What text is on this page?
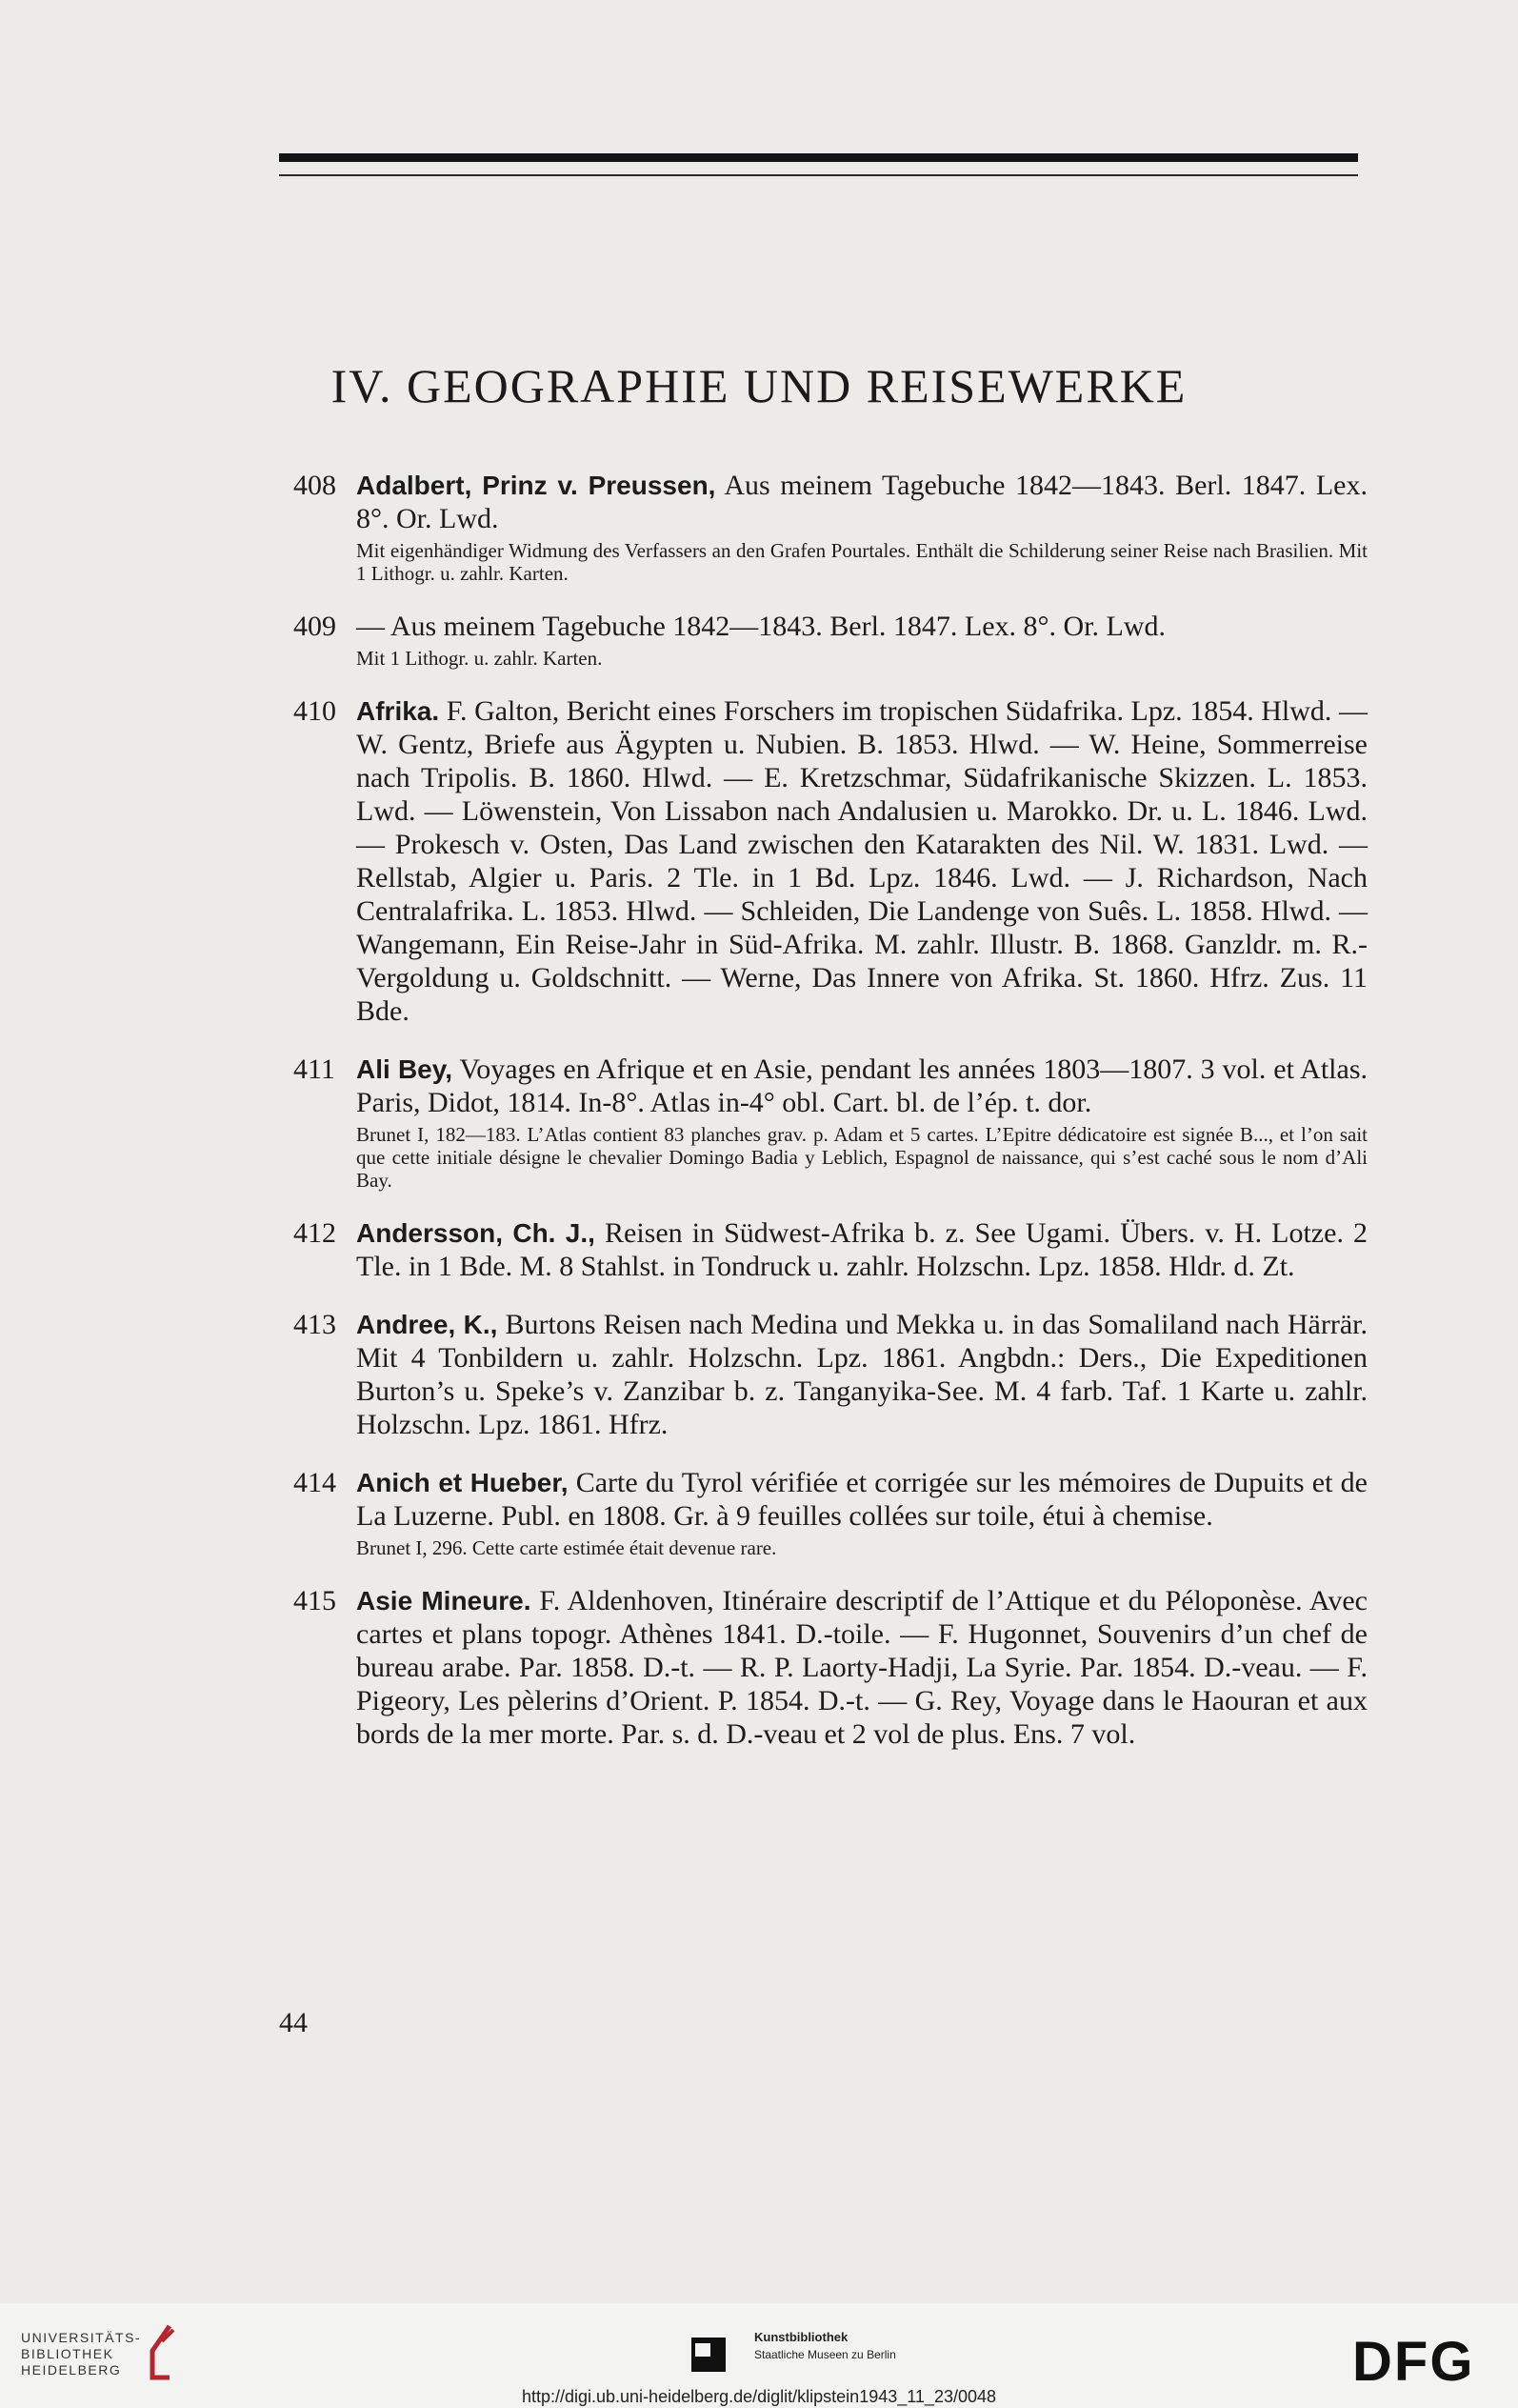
IV. GEOGRAPHIE UND REISEWERKE
408 Adalbert, Prinz v. Preussen, Aus meinem Tagebuche 1842—1843. Berl. 1847. Lex. 8°. Or. Lwd.
Mit eigenhändiger Widmung des Verfassers an den Grafen Pourtales. Enthält die Schilderung seiner Reise nach Brasilien. Mit 1 Lithogr. u. zahlr. Karten.
409 — Aus meinem Tagebuche 1842—1843. Berl. 1847. Lex. 8°. Or. Lwd.
Mit 1 Lithogr. u. zahlr. Karten.
410 Afrika. F. Galton, Bericht eines Forschers im tropischen Südafrika. Lpz. 1854. Hlwd. — W. Gentz, Briefe aus Ägypten u. Nubien. B. 1853. Hlwd. — W. Heine, Sommerreise nach Tripolis. B. 1860. Hlwd. — E. Kretzschmar, Südafrikanische Skizzen. L. 1853. Lwd. — Löwenstein, Von Lissabon nach Andalusien u. Marokko. Dr. u. L. 1846. Lwd. — Prokesch v. Osten, Das Land zwischen den Katarakten des Nil. W. 1831. Lwd. — Rellstab, Algier u. Paris. 2 Tle. in 1 Bd. Lpz. 1846. Lwd. — J. Richardson, Nach Centralafrika. L. 1853. Hlwd. — Schleiden, Die Landenge von Suês. L. 1858. Hlwd. — Wangemann, Ein Reise-Jahr in Süd-Afrika. M. zahlr. Illustr. B. 1868. Ganzldr. m. R.-Vergoldung u. Goldschnitt. — Werne, Das Innere von Afrika. St. 1860. Hfrz. Zus. 11 Bde.
411 Ali Bey, Voyages en Afrique et en Asie, pendant les années 1803—1807. 3 vol. et Atlas. Paris, Didot, 1814. In-8°. Atlas in-4° obl. Cart. bl. de l’ép. t. dor.
Brunet I, 182—183. L’Atlas contient 83 planches grav. p. Adam et 5 cartes. L’Epitre dédicatoire est signée B..., et l’on sait que cette initiale désigne le chevalier Domingo Badia y Leblich, Espagnol de naissance, qui s’est caché sous le nom d’Ali Bay.
412 Andersson, Ch. J., Reisen in Südwest-Afrika b. z. See Ugami. Übers. v. H. Lotze. 2 Tle. in 1 Bde. M. 8 Stahlst. in Tondruck u. zahlr. Holzschn. Lpz. 1858. Hldr. d. Zt.
413 Andree, K., Burtons Reisen nach Medina und Mekka u. in das Somaliland nach Härrär. Mit 4 Tonbildern u. zahlr. Holzschn. Lpz. 1861. Angbdn.: Ders., Die Expeditionen Burton’s u. Speke’s v. Zanzibar b. z. Tanganyika-See. M. 4 farb. Taf. 1 Karte u. zahlr. Holzschn. Lpz. 1861. Hfrz.
414 Anich et Hueber, Carte du Tyrol vérifiée et corrigée sur les mémoires de Dupuits et de La Luzerne. Publ. en 1808. Gr. à 9 feuilles collées sur toile, étui à chemise.
Brunet I, 296. Cette carte estimée était devenue rare.
415 Asie Mineure. F. Aldenhoven, Itinéraire descriptif de l’Attique et du Péloponèse. Avec cartes et plans topogr. Athènes 1841. D.-toile. — F. Hugonnet, Souvenirs d’un chef de bureau arabe. Par. 1858. D.-t. — R. P. Laorty-Hadji, La Syrie. Par. 1854. D.-veau. — F. Pigeory, Les pèlerins d’Orient. P. 1854. D.-t. — G. Rey, Voyage dans le Haouran et aux bords de la mer morte. Par. s. d. D.-veau et 2 vol de plus. Ens. 7 vol.
44
UNIVERSITÄTS-
BIBLIOTHEK
HEIDELBERG
Kunstbibliothek
Staatliche Museen zu Berlin	DFG
http://digi.ub.uni-heidelberg.de/diglit/klipstein1943_11_23/0048
